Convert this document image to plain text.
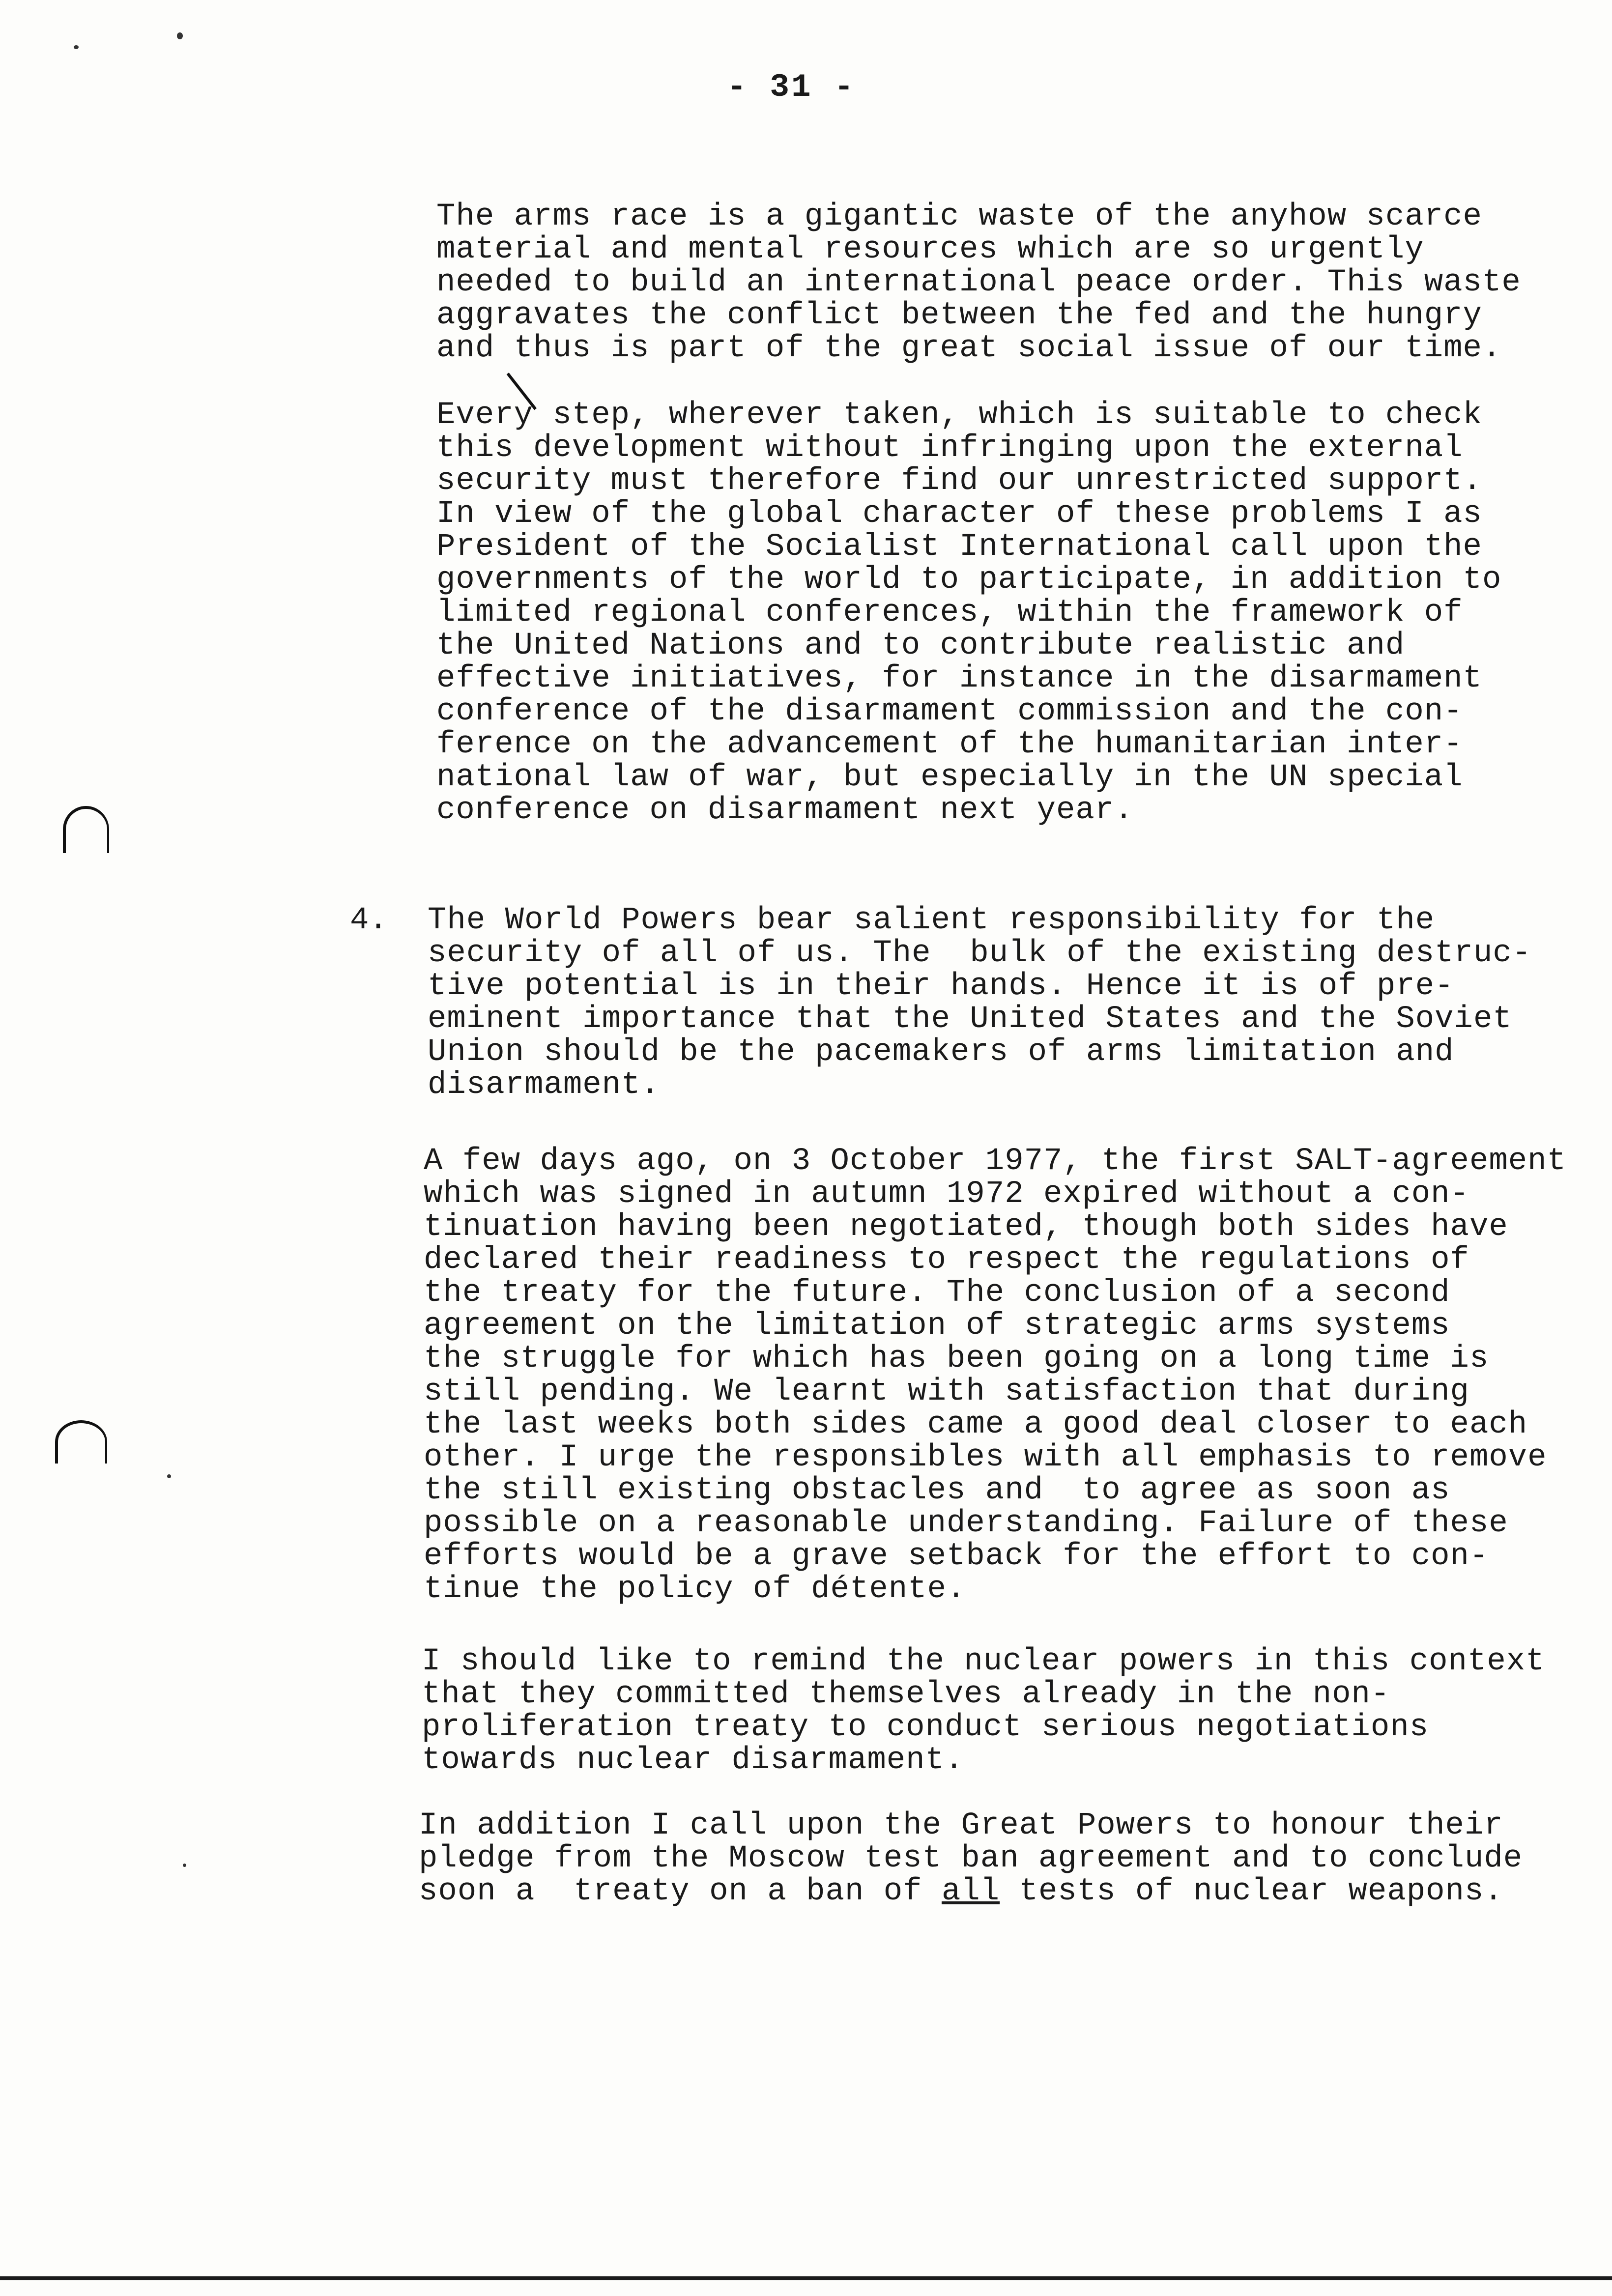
- 31 -

The arms race is a gigantic waste of the anyhow scarce
material and mental resources which are so urgently
needed to build an international peace order. This waste
aggravates the conflict between the fed and the hungry
and thus is part of the great social issue of our time.

Every step, wherever taken, which is suitable to check
this development without infringing upon the external
security must therefore find our unrestricted support.
In view of the global character of these problems I as
President of the Socialist International call upon the
governments of the world to participate, in addition to
limited regional conferences, within the framework of
the United Nations and to contribute realistic and
effective initiatives, for instance in the disarmament
conference of the disarmament commission and the con-
ference on the advancement of the humanitarian inter-
national law of war, but especially in the UN special
conference on disarmament next year.

4. The World Powers bear salient responsibility for the
security of all of us. The  bulk of the existing destruc-
tive potential is in their hands. Hence it is of pre-
eminent importance that the United States and the Soviet
Union should be the pacemakers of arms limitation and
disarmament.

A few days ago, on 3 October 1977, the first SALT-agreement
which was signed in autumn 1972 expired without a con-
tinuation having been negotiated, though both sides have
declared their readiness to respect the regulations of
the treaty for the future. The conclusion of a second
agreement on the limitation of strategic arms systems
the struggle for which has been going on a long time is
still pending. We learnt with satisfaction that during
the last weeks both sides came a good deal closer to each
other. I urge the responsibles with all emphasis to remove
the still existing obstacles and  to agree as soon as
possible on a reasonable understanding. Failure of these
efforts would be a grave setback for the effort to con-
tinue the policy of détente.

I should like to remind the nuclear powers in this context
that they committed themselves already in the non-
proliferation treaty to conduct serious negotiations
towards nuclear disarmament.

In addition I call upon the Great Powers to honour their
pledge from the Moscow test ban agreement and to conclude
soon a  treaty on a ban of all tests of nuclear weapons.
